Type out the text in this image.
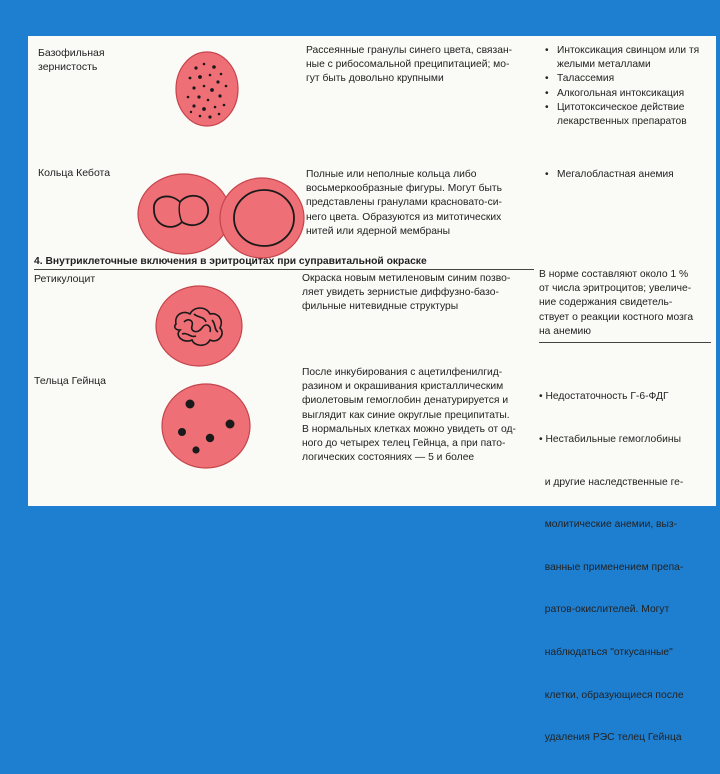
Базофильная
зернистость
Рассеянные гранулы синего цвета, связан-
ные с рибосомальной преципитацией; мо-
гут быть довольно крупными
• Интоксикация свинцом или тя желыми металлами
• Талассемия
• Алкогольная интоксикация
• Цитотоксическое действие лекарственных препаратов
Кольца Кебота	Полные или неполные кольца либо
восьмеркообразные фигуры. Могут быть
представлены гранулами красновато-си-
него цвета. Образуются из митотических
нитей или ядерной мембраны
• Мегалобластная анемия
4. Внутриклеточные включения в эритроцитах при суправитальной окраске
Ретикулоцит	Окраска новым метиленовым синим позво-
ляет увидеть зернистые диффузно-базо-
фильные нитевидные структуры
В норме составляют около 1 %
от числа эритроцитов; увеличе-
ние содержания свидетель-
ствует о реакции костного мозга
на анемию
Тельца Гейнца
После инкубирования с ацетилфенилгид-
разином и окрашивания кристаллическим
фиолетовым гемоглобин денатурируется и
выглядит как синие округлые преципитаты.
В нормальных клетках можно увидеть от од-
ного до четырех телец Гейнца, а при пато-
логических состояниях — 5 и более

• Недостаточность Г-6-ФДГ

• Нестабильные гемоглобины

и другие наследственные ге-

молитические анемии, выз-

ванные применением препа-

ратов-окислителей. Могут

наблюдаться "откусанные"

клетки, образующиеся после

удаления РЭС телец Гейнца
